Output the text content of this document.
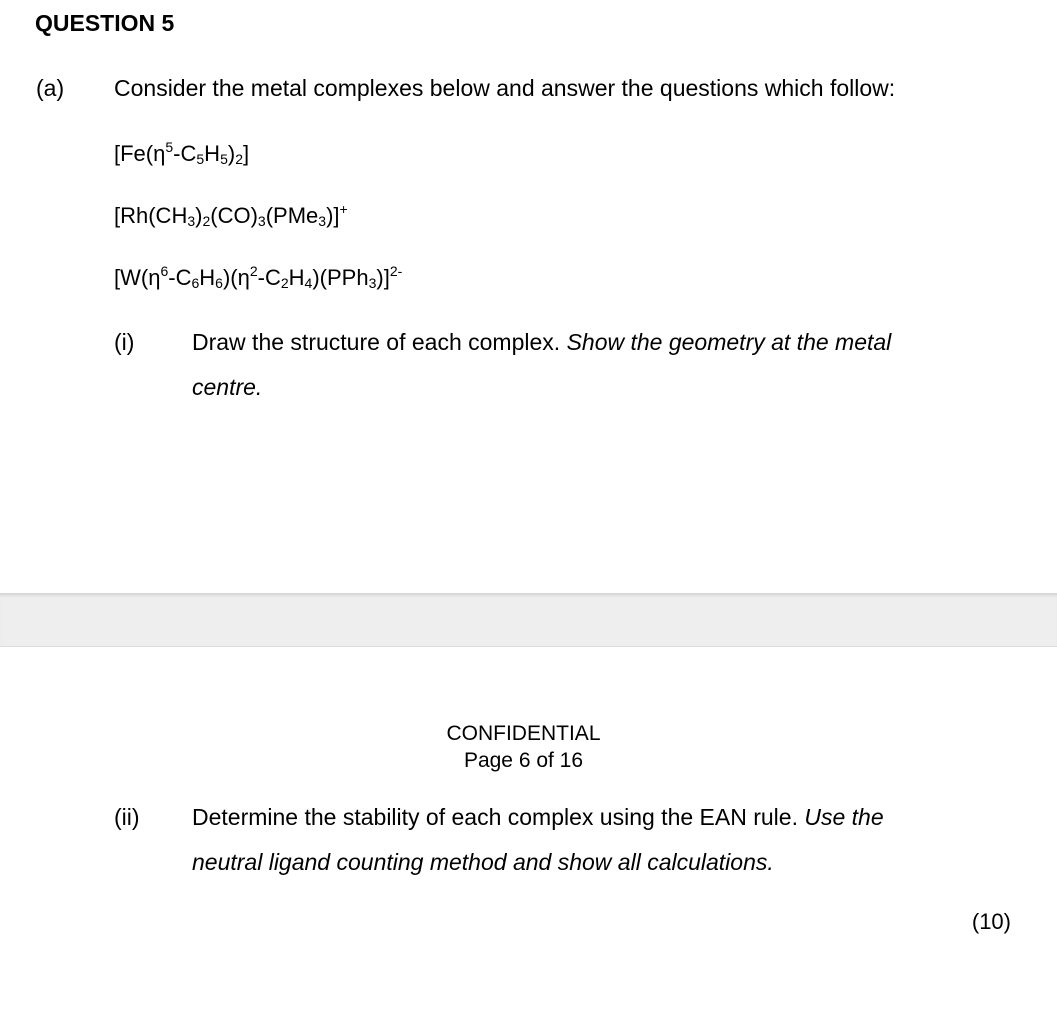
QUESTION 5
(a) Consider the metal complexes below and answer the questions which follow:
$[Fe(\eta^5-C_5H_5)_2]$
$[Rh(CH_3)_2(CO)_3(PMe_3)]^+$
$[W(\eta^6-C_6H_6)(\eta^2-C_2H_4)(PPh_3)]^{2-}$
(i)	Draw the structure of each complex. Show the geometry at the metal
centre.
CONFIDENTIAL
Page 6 of 16
(ii) Determine the stability of each complex using the EAN rule. Use the
neutral ligand counting method and show all calculations.
(10)
